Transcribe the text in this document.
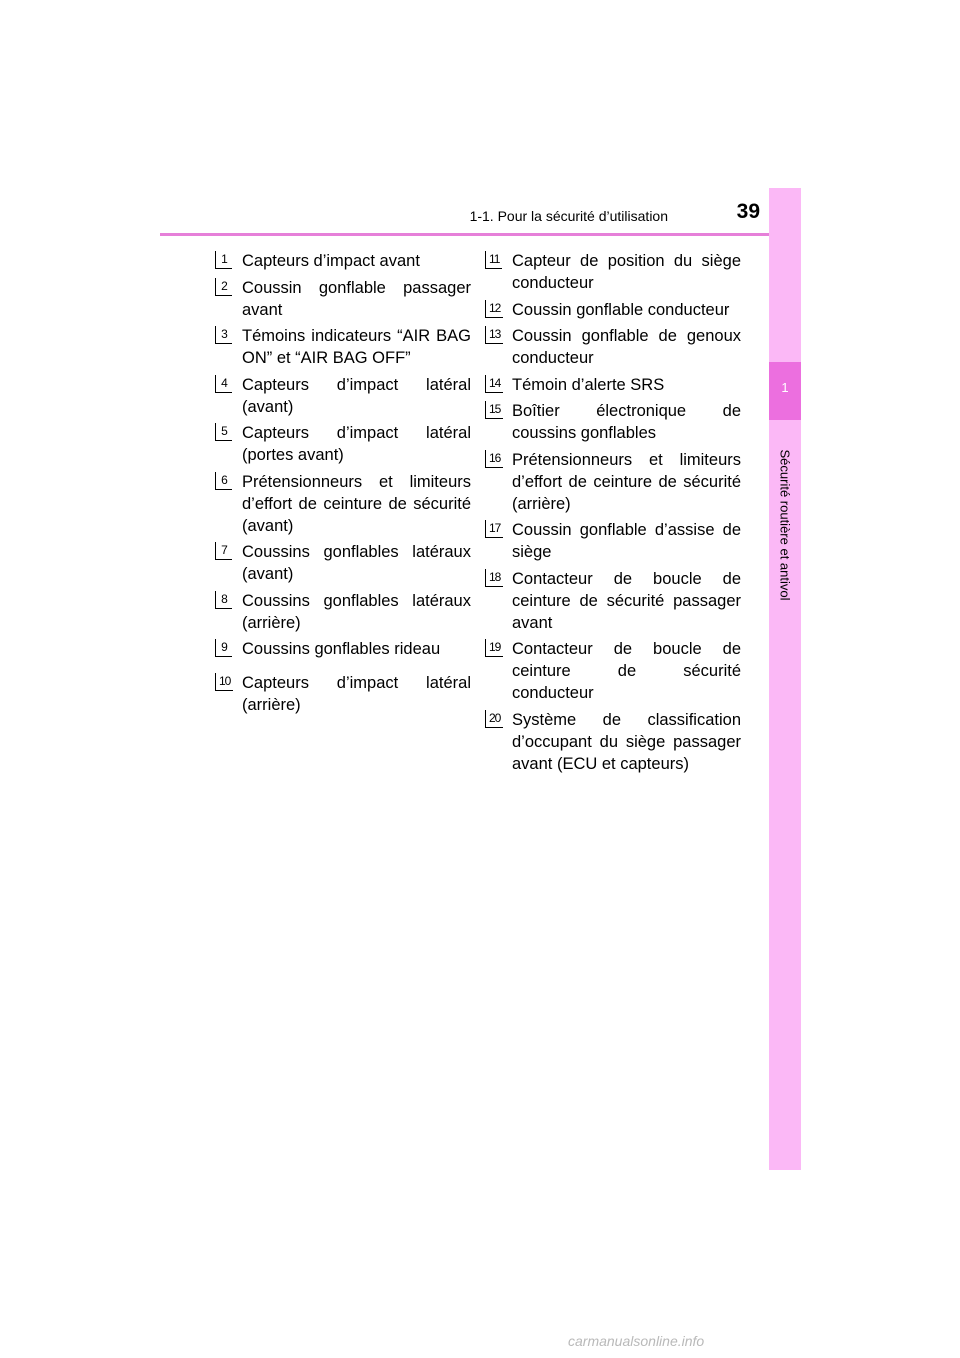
1-1. Pour la sécurité d’utilisation	39
1
Sécurité routière et antivol
1 Capteurs d’impact avant
2 Coussin gonflable passager avant
3 Témoins indicateurs “AIR BAG ON” et “AIR BAG OFF”
4 Capteurs d’impact latéral (avant)
5 Capteurs d’impact latéral (portes avant)
6 Prétensionneurs et limiteurs d’effort de ceinture de sécurité (avant)
7 Coussins gonflables latéraux (avant)
8 Coussins gonflables latéraux (arrière)
9 Coussins gonflables rideau
10 Capteurs d’impact latéral (arrière)
11 Capteur de position du siège conducteur
12 Coussin gonflable conducteur
13 Coussin gonflable de genoux conducteur
14 Témoin d’alerte SRS
15 Boîtier électronique de coussins gonflables
16 Prétensionneurs et limiteurs d’effort de ceinture de sécurité (arrière)
17 Coussin gonflable d’assise de siège
18 Contacteur de boucle de ceinture de sécurité passager avant
19 Contacteur de boucle de ceinture de sécurité conducteur
20 Système de classification d’occupant du siège passager avant (ECU et capteurs)
carmanualsonline.info
